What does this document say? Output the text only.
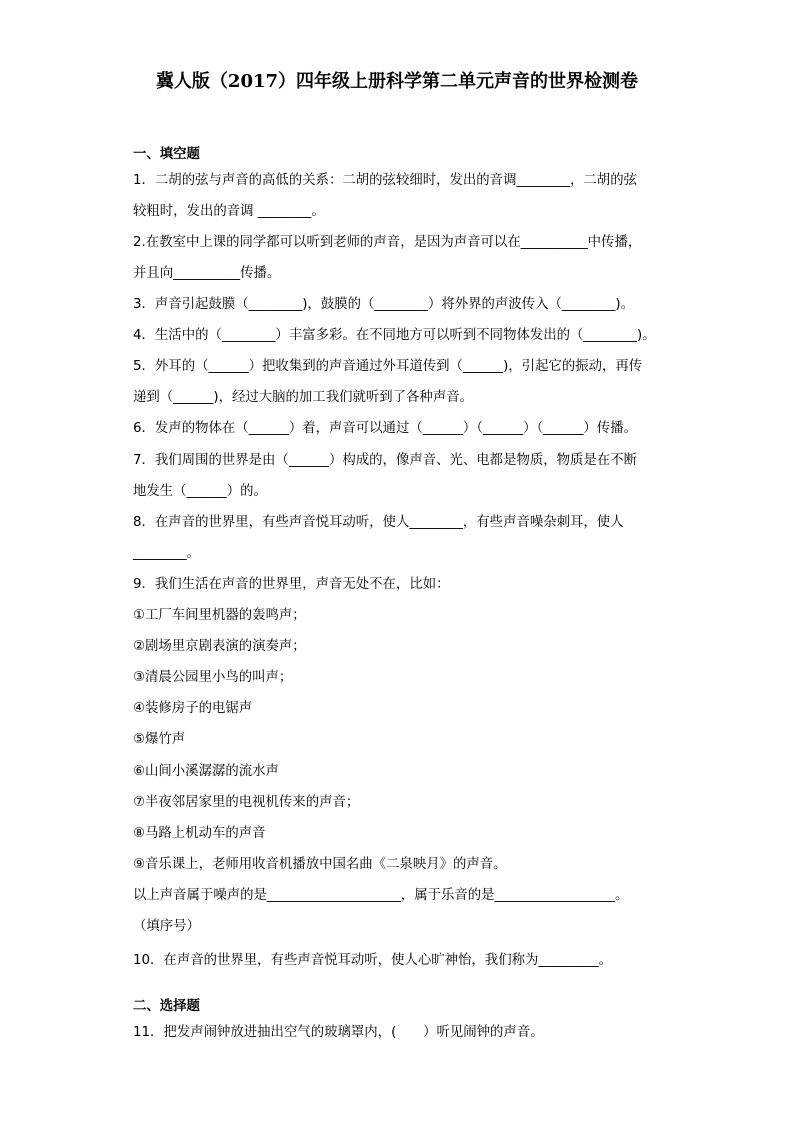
冀人版（2017）四年级上册科学第二单元声音的世界检测卷
一、填空题
1．二胡的弦与声音的高低的关系：二胡的弦较细时，发出的音调________，二胡的弦
较粗时，发出的音调 ________。
2.在教室中上课的同学都可以听到老师的声音，是因为声音可以在__________中传播，
并且向__________传播。
3．声音引起鼓膜（________)，鼓膜的（________）将外界的声波传入（________)。
4．生活中的（________）丰富多彩。在不同地方可以听到不同物体发出的（________)。
5．外耳的（______）把收集到的声音通过外耳道传到（______)，引起它的振动，再传
递到（______)，经过大脑的加工我们就听到了各种声音。
6．发声的物体在（______）着，声音可以通过（______）（______）（______）传播。
7．我们周围的世界是由（______）构成的，像声音、光、电都是物质，物质是在不断
地发生（______）的。
8．在声音的世界里，有些声音悦耳动听，使人________，有些声音噪杂刺耳，使人
________。
9．我们生活在声音的世界里，声音无处不在，比如：
①工厂车间里机器的轰鸣声；
②剧场里京剧表演的演奏声；
③清晨公园里小鸟的叫声；
④装修房子的电锯声
⑤爆竹声
⑥山间小溪潺潺的流水声
⑦半夜邻居家里的电视机传来的声音；
⑧马路上机动车的声音
⑨音乐课上，老师用收音机播放中国名曲《二泉映月》的声音。
以上声音属于噪声的是____________________，属于乐音的是__________________。
（填序号）
10．在声音的世界里，有些声音悦耳动听，使人心旷神怡，我们称为_________。
二、选择题
11．把发声闹钟放进抽出空气的玻璃罩内，(　　）听见闹钟的声音。
